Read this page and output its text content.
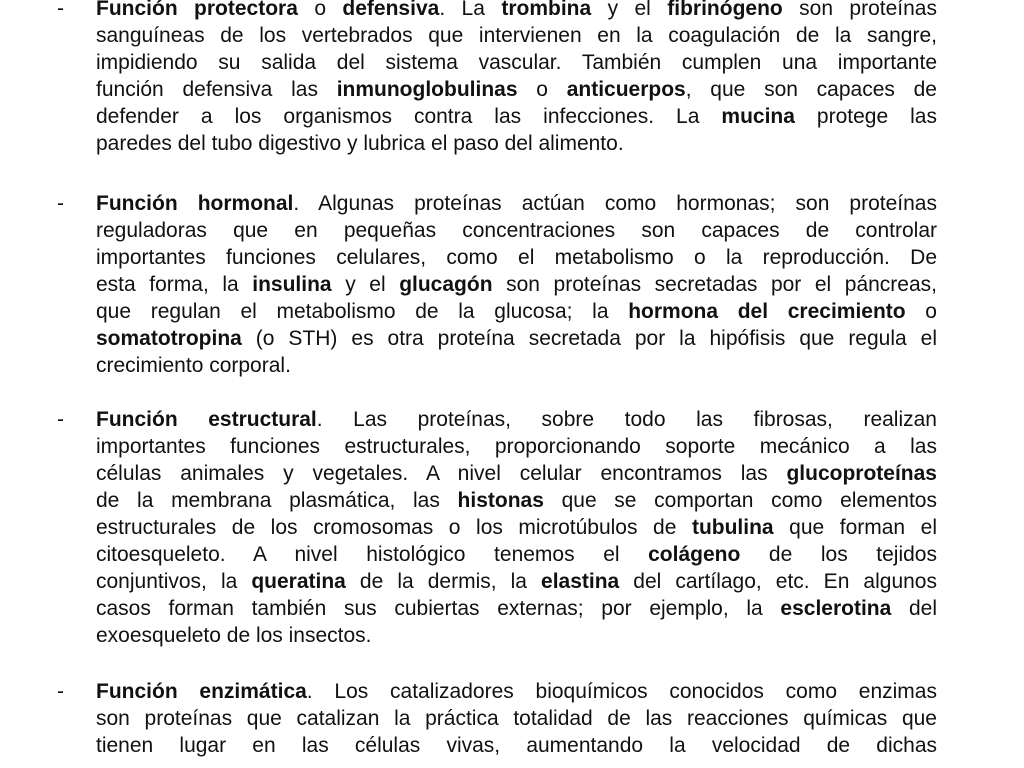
- Función protectora o defensiva. La trombina y el fibrinógeno son proteínas
sanguíneas de los vertebrados que intervienen en la coagulación de la sangre,
impidiendo su salida del sistema vascular. También cumplen una importante
función defensiva las inmunoglobulinas o anticuerpos, que son capaces de
defender a los organismos contra las infecciones. La mucina protege las
paredes del tubo digestivo y lubrica el paso del alimento.
- Función hormonal. Algunas proteínas actúan como hormonas; son proteínas
reguladoras que en pequeñas concentraciones son capaces de controlar
importantes funciones celulares, como el metabolismo o la reproducción. De
esta forma, la insulina y el glucagón son proteínas secretadas por el páncreas,
que regulan el metabolismo de la glucosa; la hormona del crecimiento o
somatotropina (o STH) es otra proteína secretada por la hipófisis que regula el
crecimiento corporal.
- Función estructural. Las proteínas, sobre todo las fibrosas, realizan
importantes funciones estructurales, proporcionando soporte mecánico a las
células animales y vegetales. A nivel celular encontramos las glucoproteínas
de la membrana plasmática, las histonas que se comportan como elementos
estructurales de los cromosomas o los microtúbulos de tubulina que forman el
citoesqueleto. A nivel histológico tenemos el colágeno de los tejidos
conjuntivos, la queratina de la dermis, la elastina del cartílago, etc. En algunos
casos forman también sus cubiertas externas; por ejemplo, la esclerotina del
exoesqueleto de los insectos.
- Función enzimática. Los catalizadores bioquímicos conocidos como enzimas
son proteínas que catalizan la práctica totalidad de las reacciones químicas que
tienen lugar en las células vivas, aumentando la velocidad de dichas
